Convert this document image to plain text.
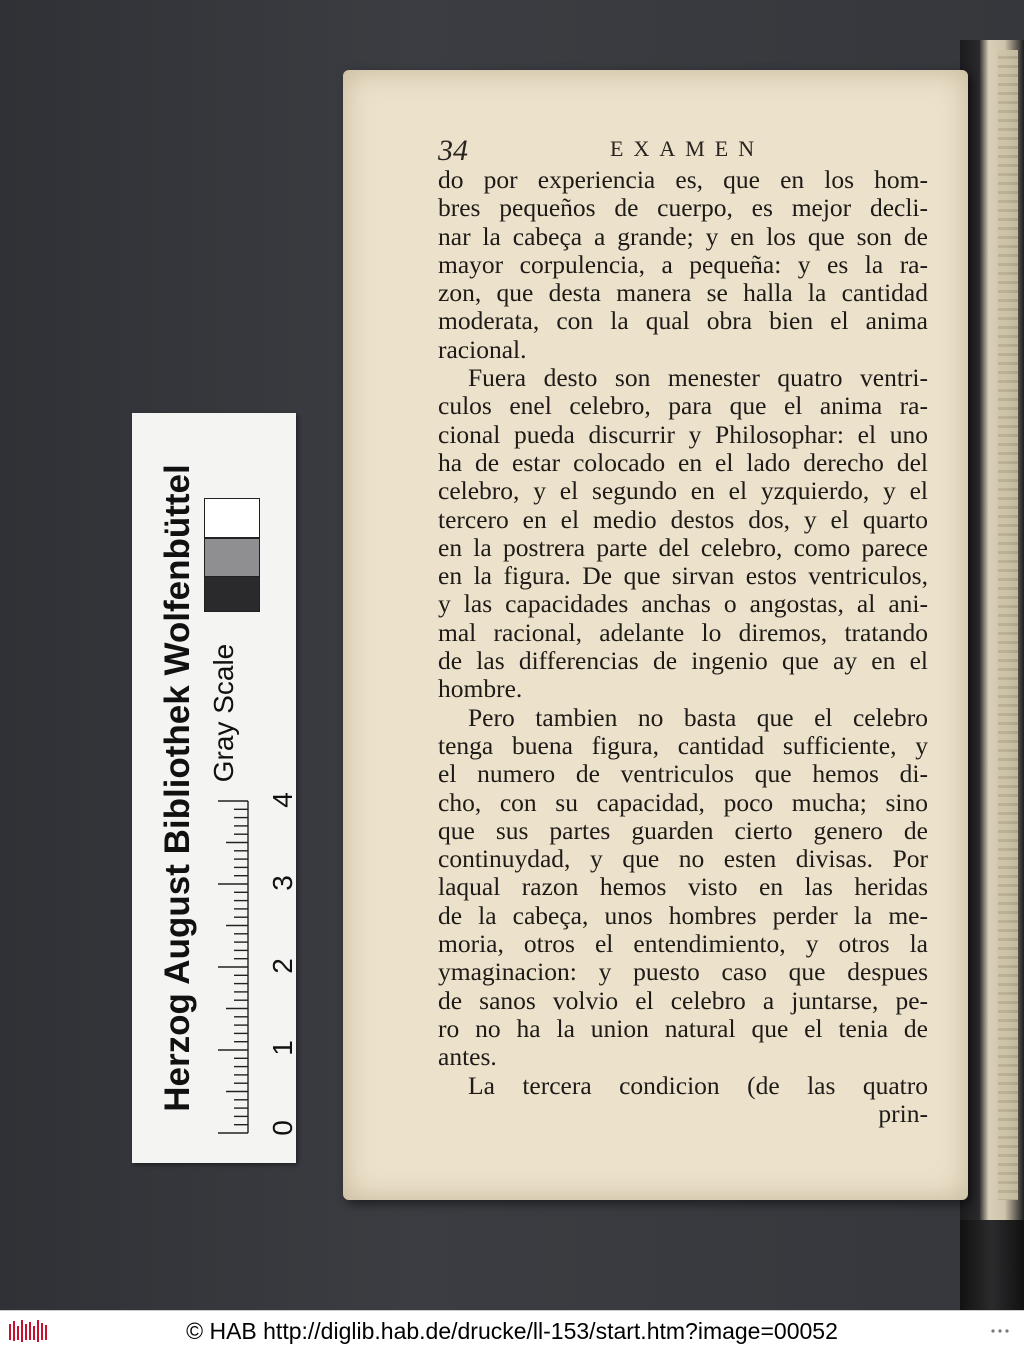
34	EXAMEN
do por experiencia es, que en los hom-
bres pequeños de cuerpo, es mejor decli-
nar la cabeça a grande; y en los que son de
mayor corpulencia, a pequeña: y es la ra-
zon, que desta manera se halla la cantidad
moderata, con la qual obra bien el anima
racional.
Fuera desto son menester quatro ventri-
culos enel celebro, para que el anima ra-
cional pueda discurrir y Philosophar: el uno
ha de estar colocado en el lado derecho del
celebro, y el segundo en el yzquierdo, y el
tercero en el medio destos dos, y el quarto
en la postrera parte del celebro, como parece
en la figura. De que sirvan estos ventriculos,
y las capacidades anchas o angostas, al ani-
mal racional, adelante lo diremos, tratando
de las differencias de ingenio que ay en el
hombre.
Pero tambien no basta que el celebro
tenga buena figura, cantidad sufficiente, y
el numero de ventriculos que hemos di-
cho, con su capacidad, poco mucha; sino
que sus partes guarden cierto genero de
continuydad, y que no esten divisas. Por
laqual razon hemos visto en las heridas
de la cabeça, unos hombres perder la me-
moria, otros el entendimiento, y otros la
ymaginacion: y puesto caso que despues
de sanos volvio el celebro a juntarse, pe-
ro no ha la union natural que el tenia de
antes.
La tercera condicion (de las quatro
prin-
Herzog August Bibliothek Wolfenbüttel Gray Scale
0
1
2
3
4
© HAB http://diglib.hab.de/drucke/ll-153/start.htm?image=00052
